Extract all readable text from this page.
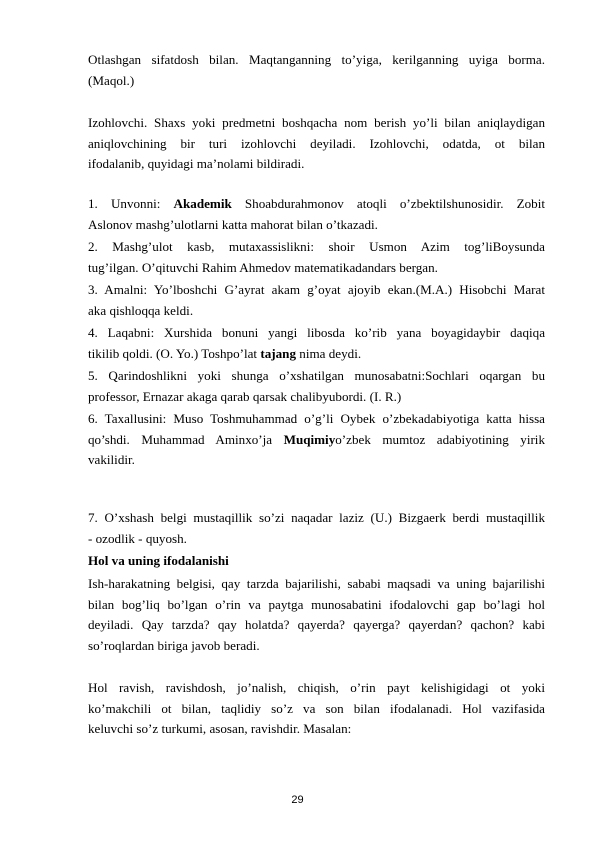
Otlashgan sifatdosh bilan. Maqtanganning to’yiga, kerilganning uyiga borma.
(Maqol.)

Izohlovchi. Shaxs yoki predmetni boshqacha nom berish yo’li bilan aniqlaydigan
aniqlovchining bir turi izohlovchi deyiladi. Izohlovchi, odatda, ot bilan
ifodalanib, quyidagi ma’nolami bildiradi.

1. Unvonni: Akademik Shoabdurahmonov atoqli o’zbektilshunosidir. Zobit
Aslonov mashg’ulotlarni katta mahorat bilan o’tkazadi.

2. Mashg’ulot kasb, mutaxassislikni: shoir Usmon Azim tog’liBoysunda
tug’ilgan. O’qituvchi Rahim Ahmedov matematikadandars bergan.

3. Amalni: Yo’lboshchi G’ayrat akam g’oyat ajoyib ekan.(M.A.) Hisobchi Marat
aka qishloqqa keldi.

4. Laqabni: Xurshida bonuni yangi libosda ko’rib yana boyagidaybir daqiqa
tikilib qoldi. (O. Yo.) Toshpo’lat tajang nima deydi.

5. Qarindoshlikni yoki shunga o’xshatilgan munosabatni:Sochlari oqargan bu
professor, Ernazar akaga qarab qarsak chalibyubordi. (I. R.)

6. Taxallusini: Muso Toshmuhammad o’g’li Oybek o’zbekadabiyotiga katta hissa
qo’shdi. Muhammad Aminxo’ja Muqimiyo’zbek mumtoz adabiyotining yirik
vakilidir.

7. O’xshash belgi mustaqillik so’zi naqadar laziz (U.) Bizgaerk berdi mustaqillik
- ozodlik - quyosh.

Hol va uning ifodalanishi

Ish-harakatning belgisi, qay tarzda bajarilishi, sababi maqsadi va uning bajarilishi
bilan bog’liq bo’lgan o’rin va paytga munosabatini ifodalovchi gap bo’lagi hol
deyiladi. Qay tarzda? qay holatda? qayerda? qayerga? qayerdan? qachon? kabi
so’roqlardan biriga javob beradi.

Hol ravish, ravishdosh, jo’nalish, chiqish, o’rin payt kelishigidagi ot yoki
ko’makchili ot bilan, taqlidiy so’z va son bilan ifodalanadi. Hol vazifasida
keluvchi so’z turkumi, asosan, ravishdir. Masalan:

29
